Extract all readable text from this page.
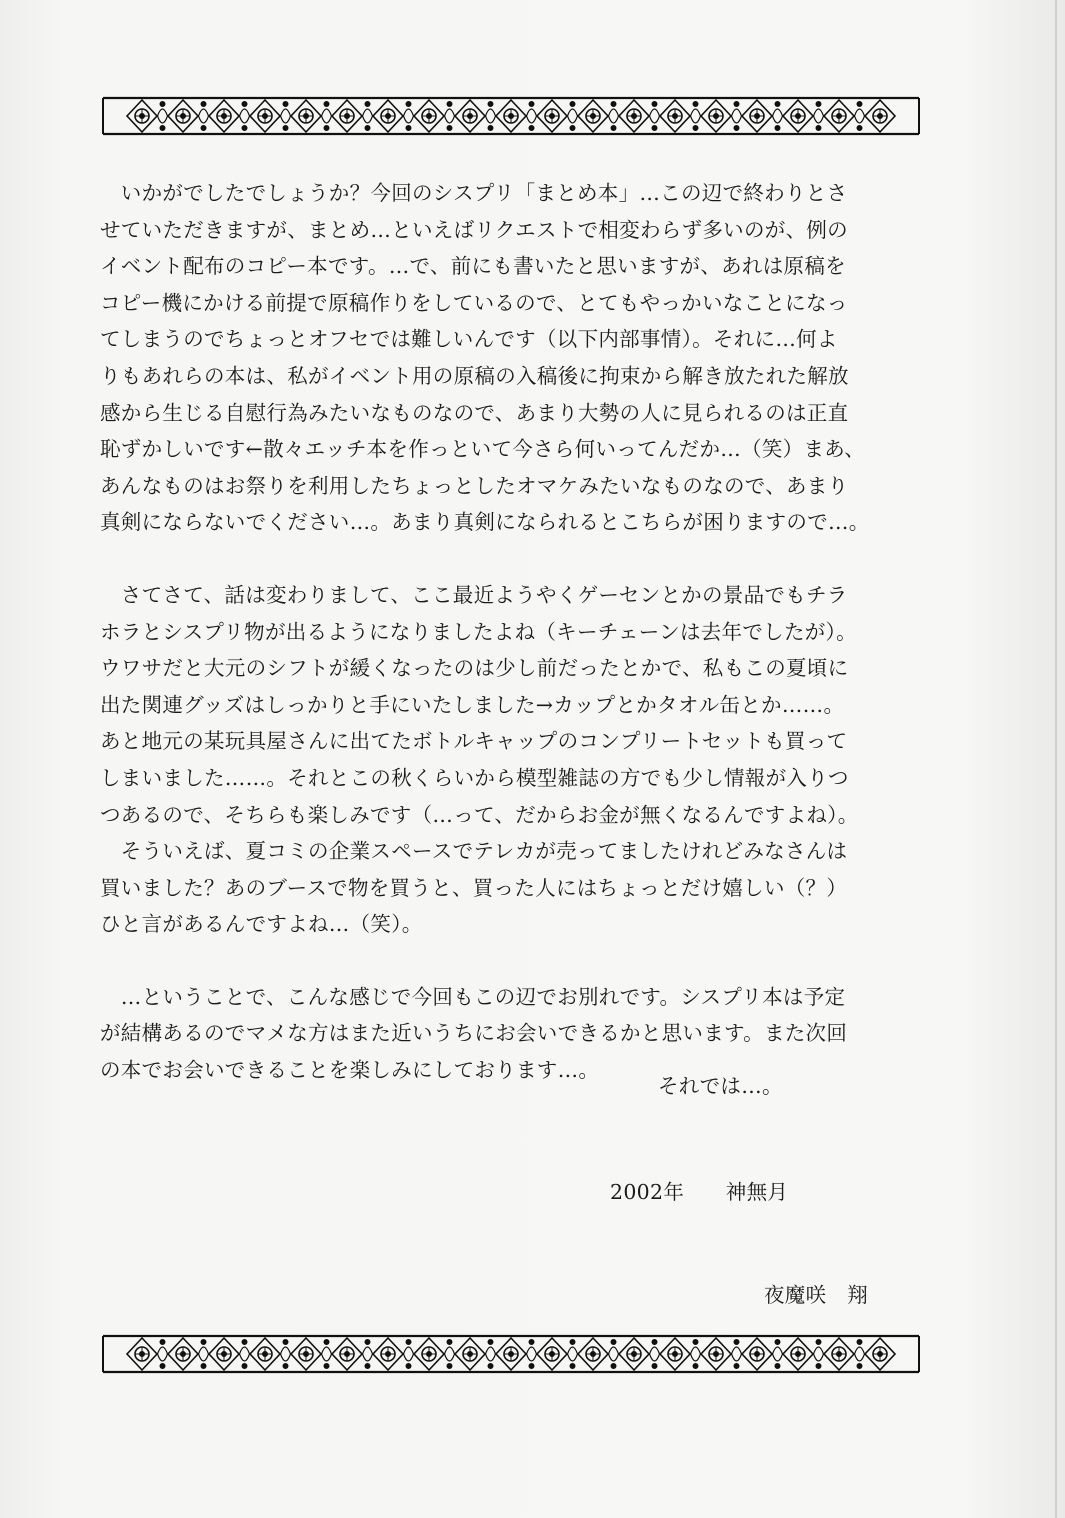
　いかがでしたでしょうか？今回のシスプリ「まとめ本」…この辺で終わりとさ
せていただきますが、まとめ…といえばリクエストで相変わらず多いのが、例の
イベント配布のコピー本です。…で、前にも書いたと思いますが、あれは原稿を
コピー機にかける前提で原稿作りをしているので、とてもやっかいなことになっ
てしまうのでちょっとオフセでは難しいんです（以下内部事情）。それに…何よ
りもあれらの本は、私がイベント用の原稿の入稿後に拘束から解き放たれた解放
感から生じる自慰行為みたいなものなので、あまり大勢の人に見られるのは正直
恥ずかしいです←散々エッチ本を作っといて今さら何いってんだか…（笑）まあ、
あんなものはお祭りを利用したちょっとしたオマケみたいなものなので、あまり
真剣にならないでください…。あまり真剣になられるとこちらが困りますので…。
　さてさて、話は変わりまして、ここ最近ようやくゲーセンとかの景品でもチラ
ホラとシスプリ物が出るようになりましたよね（キーチェーンは去年でしたが）。
ウワサだと大元のシフトが緩くなったのは少し前だったとかで、私もこの夏頃に
出た関連グッズはしっかりと手にいたしました→カップとかタオル缶とか……。
あと地元の某玩具屋さんに出てたボトルキャップのコンプリートセットも買って
しまいました……。それとこの秋くらいから模型雑誌の方でも少し情報が入りつ
つあるので、そちらも楽しみです（…って、だからお金が無くなるんですよね）。
　そういえば、夏コミの企業スペースでテレカが売ってましたけれどみなさんは
買いました？あのブースで物を買うと、買った人にはちょっとだけ嬉しい（？）
ひと言があるんですよね…（笑）。
　…ということで、こんな感じで今回もこの辺でお別れです。シスプリ本は予定
が結構あるのでマメな方はまた近いうちにお会いできるかと思います。また次回
の本でお会いできることを楽しみにしております…。
それでは…。
2002年　　神無月
夜魔咲　翔
